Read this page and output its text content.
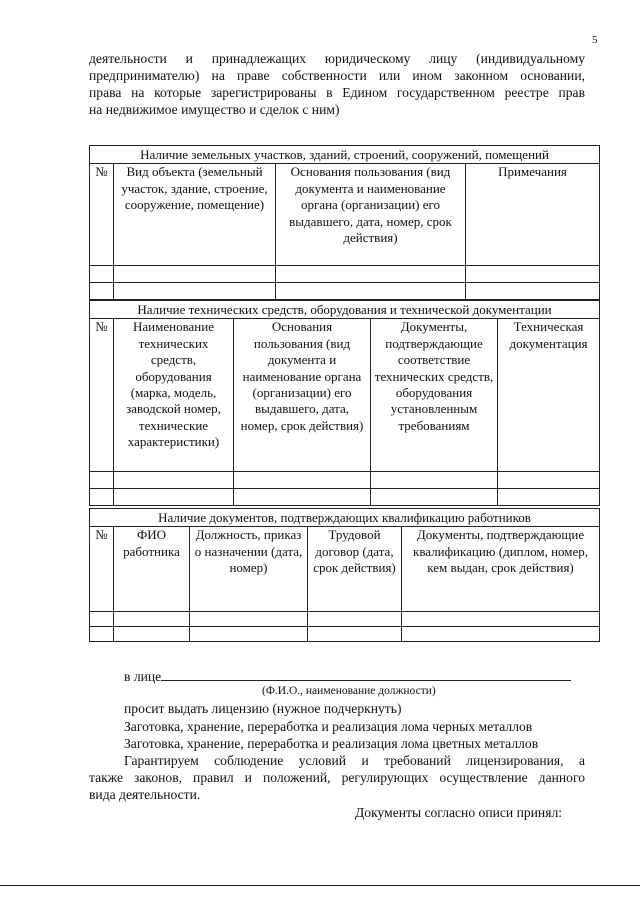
5
деятельности и принадлежащих юридическому лицу (индивидуальному
предпринимателю) на праве собственности или ином законном основании,
права на которые зарегистрированы в Едином государственном реестре прав
на недвижимое имущество и сделок с ним)
Наличие земельных участков, зданий, строений, сооружений, помещений			
№	Вид объекта (земельный участок, здание, строение, сооружение, помещение)	Основания пользования (вид документа и наименование органа (организации) его выдавшего, дата, номер, срок действия)	Примечания

Наличие технических средств, оборудования и технической документации				
№	Наименование технических средств, оборудования (марка, модель, заводской номер, технические характеристики)	Основания пользования (вид документа и наименование органа (организации) его выдавшего, дата, номер, срок действия)	Документы, подтверждающие соответствие технических средств, оборудования установленным требованиям	Техническая документация

Наличие документов, подтверждающих квалификацию работников				
№	ФИО работника	Должность, приказ о назначении (дата, номер)	Трудовой договор (дата, срок действия)	Документы, подтверждающие квалификацию (диплом, номер, кем выдан, срок действия)

в лице
(Ф.И.О., наименование должности)
просит выдать лицензию (нужное подчеркнуть)
Заготовка, хранение, переработка и реализация лома черных металлов
Заготовка, хранение, переработка и реализация лома цветных металлов
Гарантируем соблюдение условий и требований лицензирования, а
также законов, правил и положений, регулирующих осуществление данного
вида деятельности.
Документы согласно описи принял:
